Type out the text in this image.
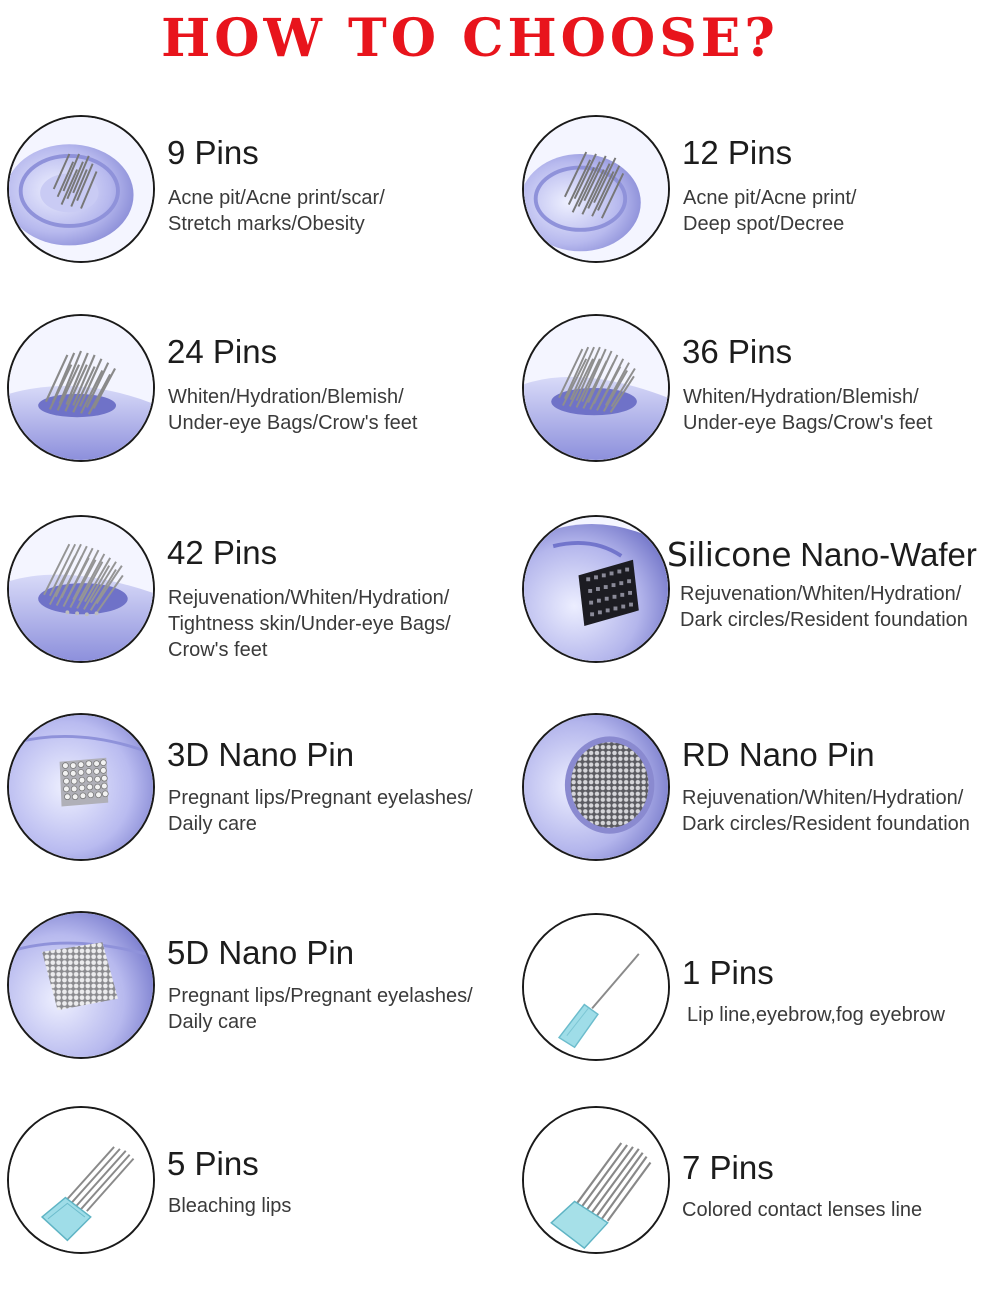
HOW TO CHOOSE?
9 Pins
Acne pit/Acne print/scar/
Stretch marks/Obesity
12 Pins
Acne pit/Acne print/
Deep spot/Decree
24 Pins
Whiten/Hydration/Blemish/
Under-eye Bags/Crow's feet
36 Pins
Whiten/Hydration/Blemish/
Under-eye Bags/Crow's feet
42 Pins
Rejuvenation/Whiten/Hydration/
Tightness skin/Under-eye Bags/
Crow's feet
Silicone Nano-Wafer
Rejuvenation/Whiten/Hydration/
Dark circles/Resident foundation
3D Nano Pin
Pregnant lips/Pregnant eyelashes/
Daily care
RD Nano Pin
Rejuvenation/Whiten/Hydration/
Dark circles/Resident foundation
5D Nano Pin
Pregnant lips/Pregnant eyelashes/
Daily care
1 Pins
Lip line,eyebrow,fog eyebrow
5 Pins
Bleaching lips
7 Pins
Colored contact lenses line
